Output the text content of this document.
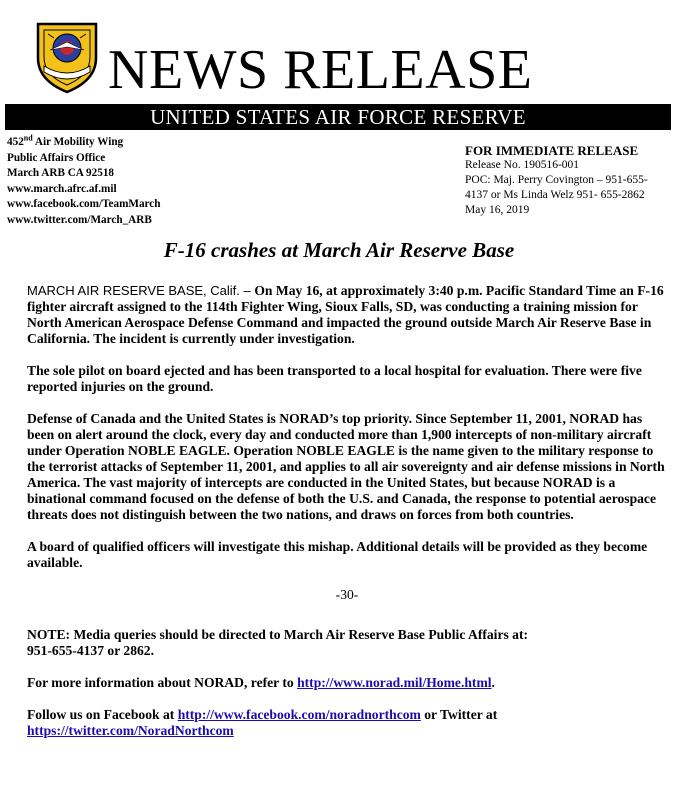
NEWS RELEASE
UNITED STATES AIR FORCE RESERVE
452nd Air Mobility Wing
Public Affairs Office
March ARB CA 92518
www.march.afrc.af.mil
www.facebook.com/TeamMarch
www.twitter.com/March_ARB
FOR IMMEDIATE RELEASE
Release No. 190516-001
POC: Maj. Perry Covington – 951-655-
4137 or Ms Linda Welz 951- 655-2862
May 16, 2019
F-16 crashes at March Air Reserve Base

MARCH AIR RESERVE BASE, Calif. – On May 16, at approximately 3:40 p.m. Pacific Standard Time an F-16 fighter aircraft assigned to the 114th Fighter Wing, Sioux Falls, SD, was conducting a training mission for North American Aerospace Defense Command and impacted the ground outside March Air Reserve Base in California. The incident is currently under investigation.

The sole pilot on board ejected and has been transported to a local hospital for evaluation. There were five reported injuries on the ground.

Defense of Canada and the United States is NORAD’s top priority. Since September 11, 2001, NORAD has been on alert around the clock, every day and conducted more than 1,900 intercepts of non-military aircraft under Operation NOBLE EAGLE. Operation NOBLE EAGLE is the name given to the military response to the terrorist attacks of September 11, 2001, and applies to all air sovereignty and air defense missions in North America. The vast majority of intercepts are conducted in the United States, but because NORAD is a binational command focused on the defense of both the U.S. and Canada, the response to potential aerospace threats does not distinguish between the two nations, and draws on forces from both countries.

A board of qualified officers will investigate this mishap. Additional details will be provided as they become available.

-30-

NOTE: Media queries should be directed to March Air Reserve Base Public Affairs at:
951-655-4137 or 2862.

For more information about NORAD, refer to http://www.norad.mil/Home.html.

Follow us on Facebook at http://www.facebook.com/noradnorthcom or Twitter at
https://twitter.com/NoradNorthcom
